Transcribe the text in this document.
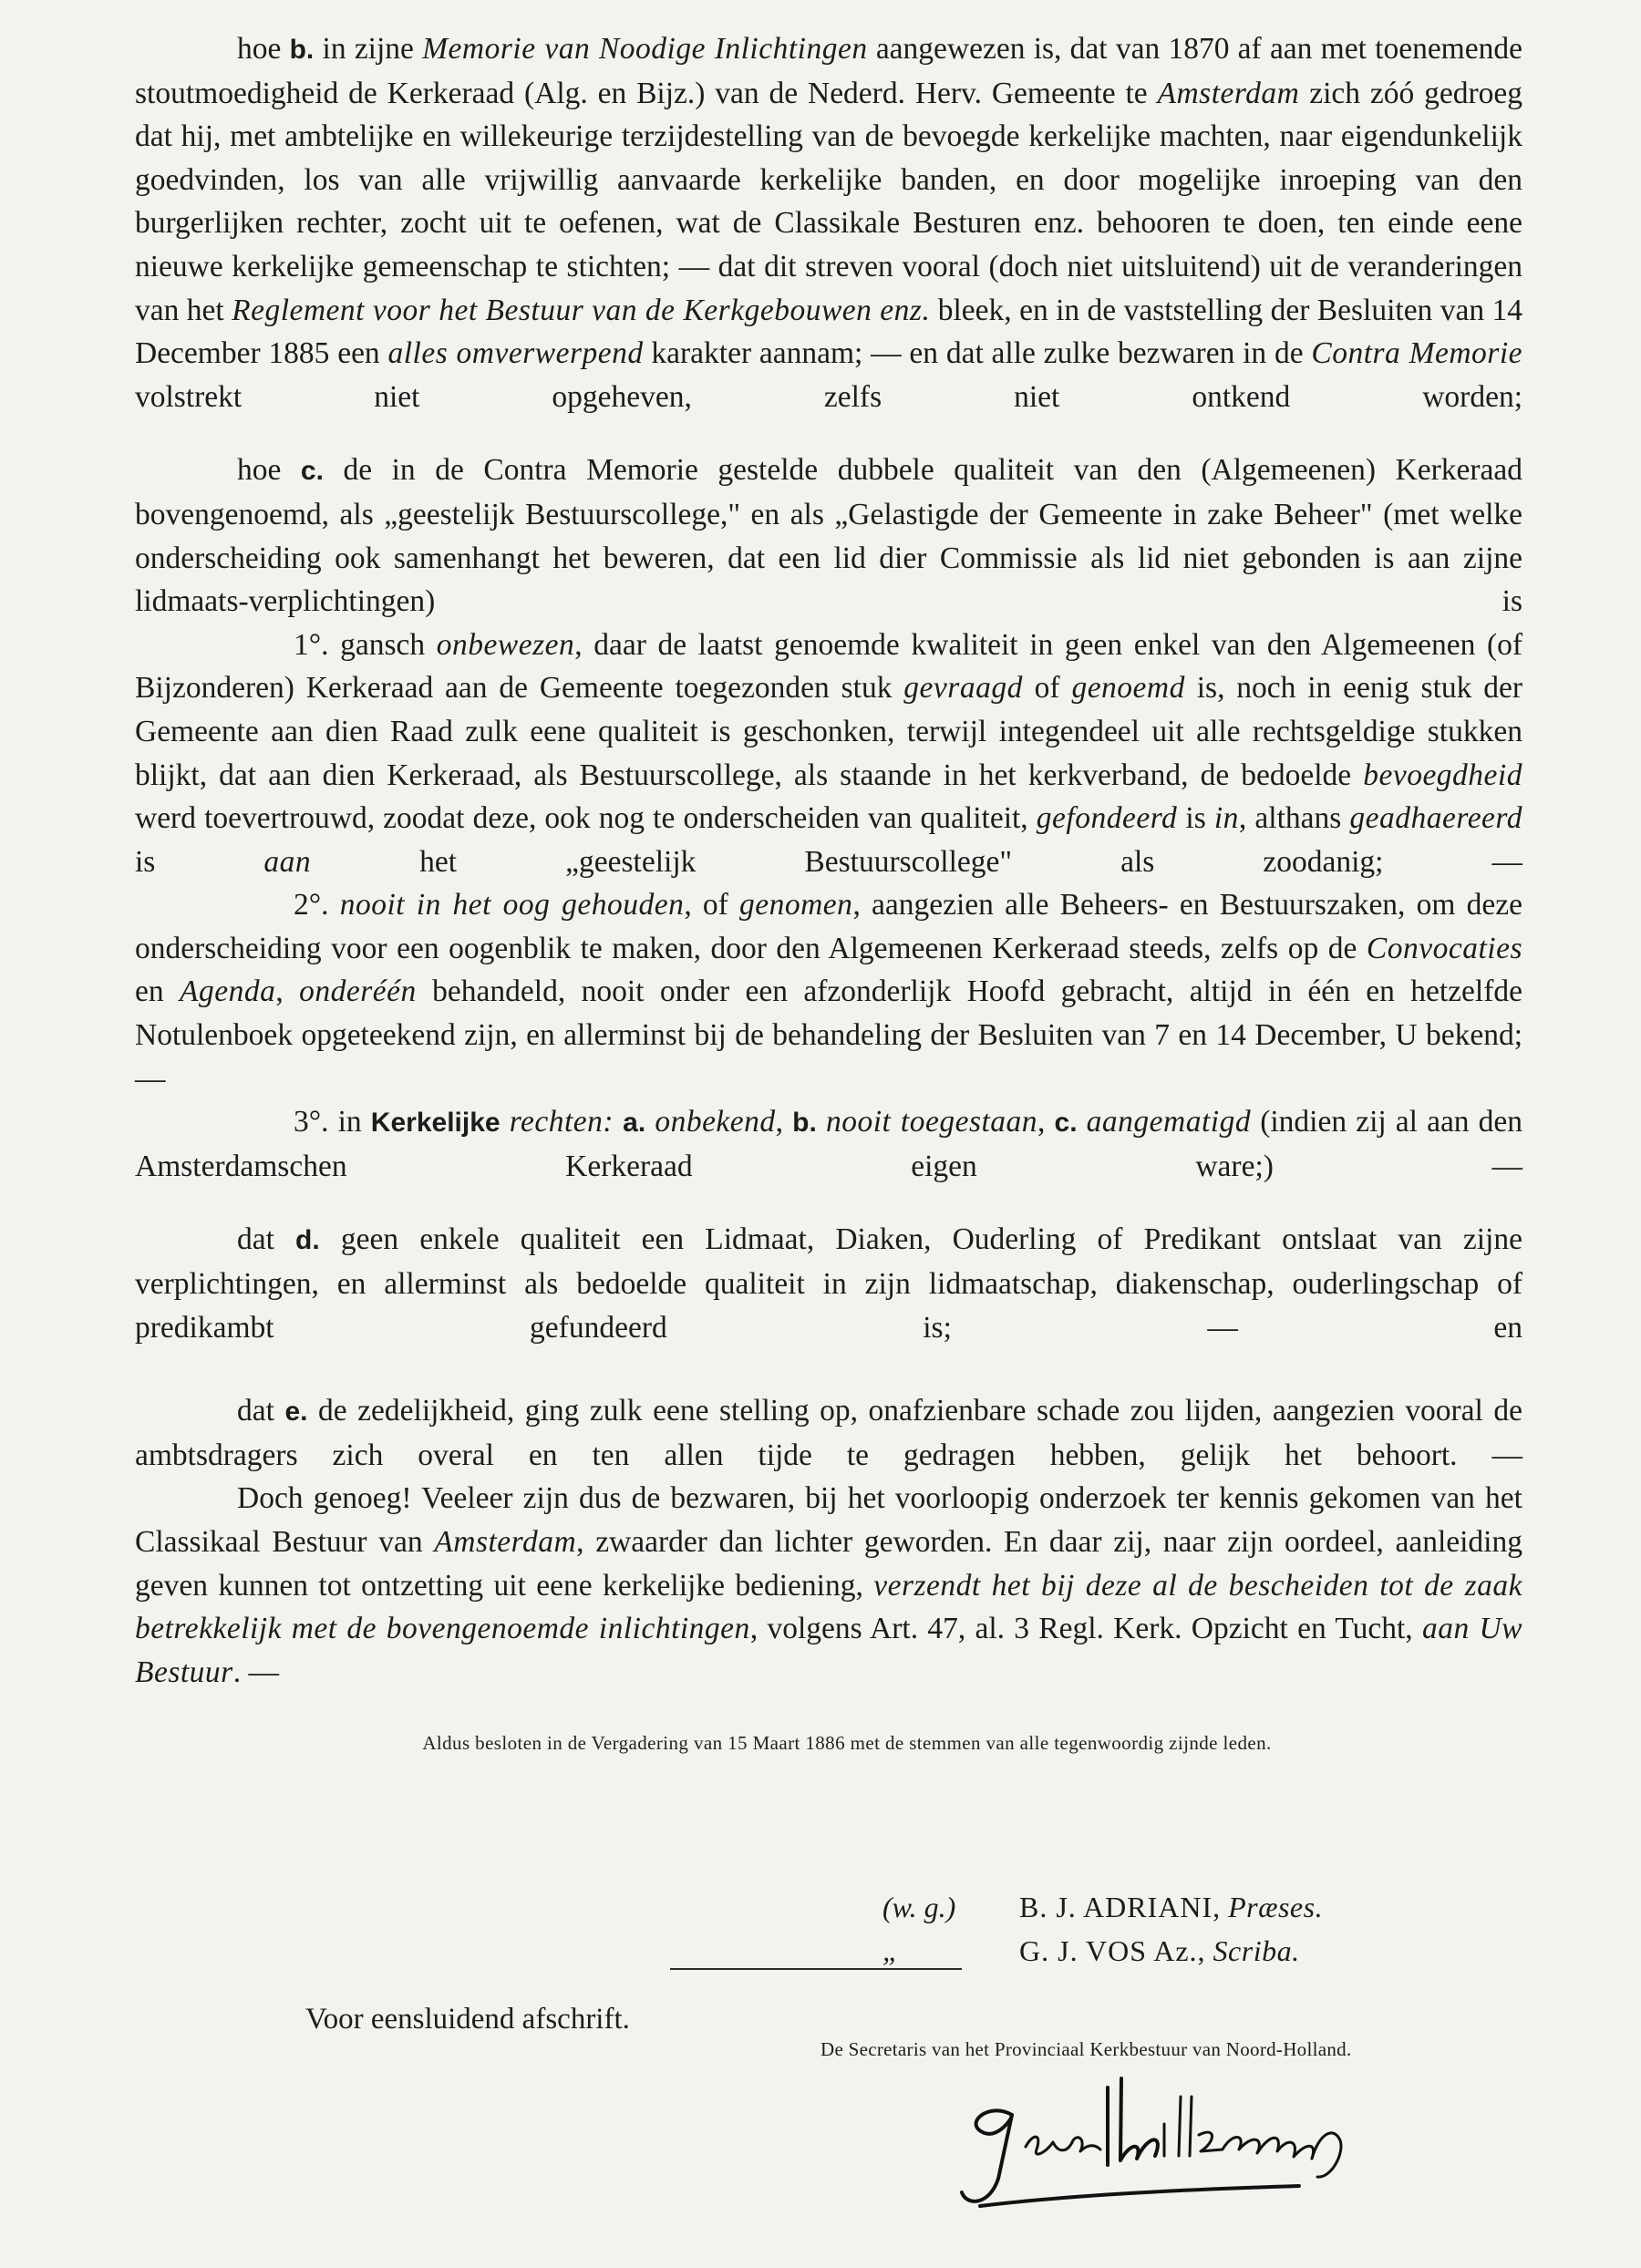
hoe b. in zijne Memorie van Noodige Inlichtingen aangewezen is, dat van 1870 af aan met toenemende stoutmoedigheid de Kerkeraad (Alg. en Bijz.) van de Nederd. Herv. Gemeente te Amsterdam zich zóó gedroeg dat hij, met ambtelijke en willekeurige terzijdestelling van de bevoegde kerkelijke machten, naar eigendunkelijk goedvinden, los van alle vrijwillig aanvaarde kerkelijke banden, en door mogelijke inroeping van den burgerlijken rechter, zocht uit te oefenen, wat de Classikale Besturen enz. behooren te doen, ten einde eene nieuwe kerkelijke gemeenschap te stichten; — dat dit streven vooral (doch niet uitsluitend) uit de veranderingen van het Reglement voor het Bestuur van de Kerkgebouwen enz. bleek, en in de vaststelling der Besluiten van 14 December 1885 een alles omverwerpend karakter aannam; — en dat alle zulke bezwaren in de Contra Memorie volstrekt niet opgeheven, zelfs niet ontkend worden;

hoe c. de in de Contra Memorie gestelde dubbele qualiteit van den (Algemeenen) Kerkeraad bovengenoemd, als „geestelijk Bestuurscollege," en als „Gelastigde der Gemeente in zake Beheer" (met welke onderscheiding ook samenhangt het beweren, dat een lid dier Commissie als lid niet gebonden is aan zijne lidmaats-verplichtingen) is

1°. gansch onbewezen, daar de laatst genoemde kwaliteit in geen enkel van den Algemeenen (of Bijzonderen) Kerkeraad aan de Gemeente toegezonden stuk gevraagd of genoemd is, noch in eenig stuk der Gemeente aan dien Raad zulk eene qualiteit is geschonken, terwijl integendeel uit alle rechtsgeldige stukken blijkt, dat aan dien Kerkeraad, als Bestuurscollege, als staande in het kerkverband, de bedoelde bevoegdheid werd toevertrouwd, zoodat deze, ook nog te onderscheiden van qualiteit, gefondeerd is in, althans geadhaereerd is aan het „geestelijk Bestuurscollege" als zoodanig; —

2°. nooit in het oog gehouden, of genomen, aangezien alle Beheers- en Bestuurszaken, om deze onderscheiding voor een oogenblik te maken, door den Algemeenen Kerkeraad steeds, zelfs op de Convocaties en Agenda, onderéén behandeld, nooit onder een afzonderlijk Hoofd gebracht, altijd in één en hetzelfde Notulenboek opgeteekend zijn, en allerminst bij de behandeling der Besluiten van 7 en 14 December, U bekend; —

3°. in Kerkelijke rechten: a. onbekend, b. nooit toegestaan, c. aangematigd (indien zij al aan den Amsterdamschen Kerkeraad eigen ware;) —

dat d. geen enkele qualiteit een Lidmaat, Diaken, Ouderling of Predikant ontslaat van zijne verplichtingen, en allerminst als bedoelde qualiteit in zijn lidmaatschap, diakenschap, ouderlingschap of predikambt gefundeerd is; — en

dat e. de zedelijkheid, ging zulk eene stelling op, onafzienbare schade zou lijden, aangezien vooral de ambtsdragers zich overal en ten allen tijde te gedragen hebben, gelijk het behoort. —

Doch genoeg! Veeleer zijn dus de bezwaren, bij het voorloopig onderzoek ter kennis gekomen van het Classikaal Bestuur van Amsterdam, zwaarder dan lichter geworden. En daar zij, naar zijn oordeel, aanleiding geven kunnen tot ontzetting uit eene kerkelijke bediening, verzendt het bij deze al de bescheiden tot de zaak betrekkelijk met de bovengenoemde inlichtingen, volgens Art. 47, al. 3 Regl. Kerk. Opzicht en Tucht, aan Uw Bestuur. —

Aldus besloten in de Vergadering van 15 Maart 1886 met de stemmen van alle tegenwoordig zijnde leden.
(w. g.) B. J. ADRIANI, Præses.
„	G. J. VOS Az., Scriba.
Voor eensluidend afschrift.
De Secretaris van het Provinciaal Kerkbestuur van Noord-Holland.
